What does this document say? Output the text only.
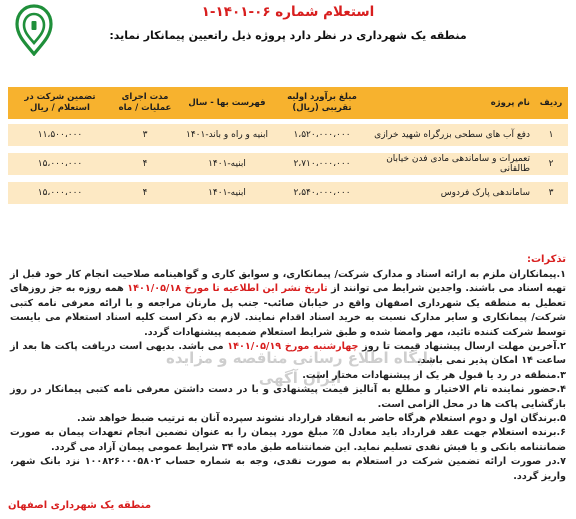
استعلام شماره ۰۶-۱۴۰۱-۱
منطقه یک شهرداری در نظر دارد پروژه ذیل راتعیین پیمانکار نماید:
ردیف	نام پروژه	مبلغ برآورد اولیه تقریبی (ریال)	فهرست بها - سال	مدت اجرای عملیات / ماه	تضمین شرکت در استعلام / ریال
۱	دفع آب های سطحی بزرگراه شهید خرازی	۱،۵۲۰،۰۰۰،۰۰۰	ابنیه و راه و باند-۱۴۰۱	۳	۱۱،۵۰۰،۰۰۰
۲	تعمیرات و ساماندهی مادی فدن خیابان طالقانی	۲،۷۱۰،۰۰۰،۰۰۰	ابنیه-۱۴۰۱	۴	۱۵،۰۰۰،۰۰۰
۳	ساماندهی پارک فردوس	۲،۵۴۰،۰۰۰،۰۰۰	ابنیه-۱۴۰۱	۴	۱۵،۰۰۰،۰۰۰
تذکرات:

۱.پیمانکاران ملزم به ارائه اسناد و مدارک شرکت/ پیمانکاری، و سوابق کاری و گواهینامه صلاحیت انجام کار خود قبل از تهیه اسناد می باشند. واجدین شرایط می توانند از تاریخ نشر این اطلاعیه تا مورخ ۱۴۰۱/۰۵/۱۸ همه روزه به جز روزهای تعطیل به منطقه یک شهرداری اصفهان واقع در خیابان صائب- جنب پل مارنان مراجعه و با ارائه معرفی نامه کتبی شرکت/ پیمانکاری و سایر مدارک نسبت به خرید اسناد اقدام نمایند. لازم به ذکر است کلیه اسناد استعلام می بایست توسط شرکت کننده تائید، مهر وامضا شده و طبق شرایط استعلام ضمیمه پیشنهادات گردد.

۲.آخرین مهلت ارسال پیشنهاد قیمت تا روز چهارشنبه مورخ ۱۴۰۱/۰۵/۱۹ می باشد. بدیهی است دریافت پاکت ها بعد از ساعت ۱۴ امکان پذیر نمی باشد.

۳.منطقه در رد یا قبول هر یک از پیشنهادات مختار است.

۴.حضور نماینده تام الاختیار و مطلع به آنالیز قیمت پیشنهادی و با در دست داشتن معرفی نامه کتبی پیمانکار در روز بازگشایی پاکت ها در محل الزامی است.

۵.برندگان اول و دوم استعلام هرگاه حاضر به انعقاد قرارداد نشوند سپرده آنان به ترتیب ضبط خواهد شد.

۶.برنده استعلام جهت عقد قرارداد باید معادل ۵٪ مبلغ مورد پیمان را به عنوان تضمین انجام تعهدات پیمان به صورت ضمانتنامه بانکی و یا فیش نقدی تسلیم نماید. این ضمانتنامه طبق ماده ۳۴ شرایط عمومی پیمان آزاد می گردد.

۷.در صورت ارائه تضمین شرکت در استعلام به صورت نقدی، وجه به شماره حساب ۱۰۰۸۲۶۰۰۰۵۸۰۲ نزد بانک شهر، واریز گردد.

پایگاه اطلاع رسانی مناقصه و مزایده
ایران آگهی
منطقه یک شهرداری اصفهان
